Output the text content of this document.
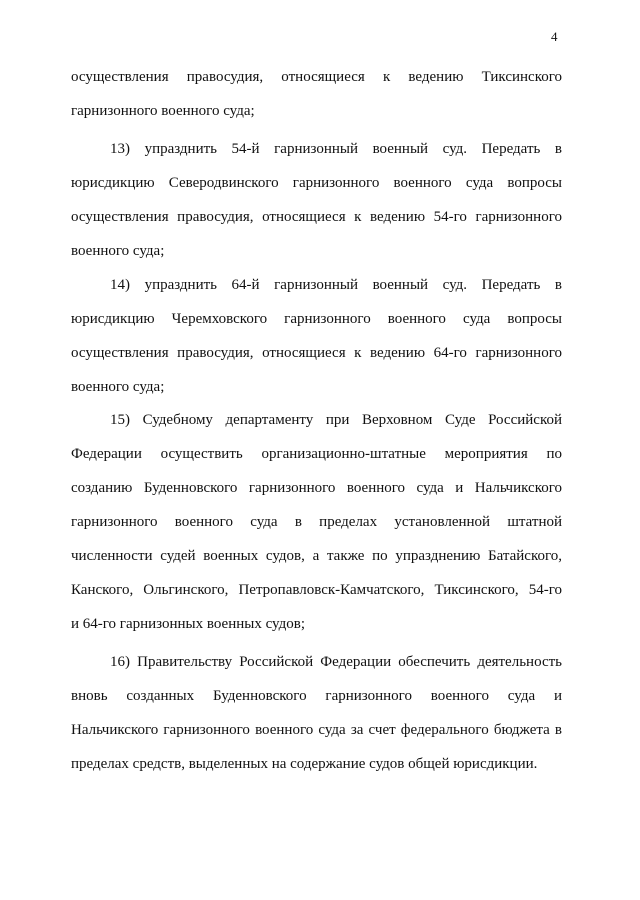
4
осуществления правосудия, относящиеся к ведению Тиксинского
гарнизонного военного суда;
13) упразднить 54-й гарнизонный военный суд. Передать в
юрисдикцию Северодвинского гарнизонного военного суда вопросы
осуществления правосудия, относящиеся к ведению 54-го гарнизонного
военного суда;
14) упразднить 64-й гарнизонный военный суд. Передать в
юрисдикцию Черемховского гарнизонного военного суда вопросы
осуществления правосудия, относящиеся к ведению 64-го гарнизонного
военного суда;
15) Судебному департаменту при Верховном Суде Российской
Федерации осуществить организационно-штатные мероприятия по
созданию Буденновского гарнизонного военного суда и Нальчикского
гарнизонного военного суда в пределах установленной штатной
численности судей военных судов, а также по упразднению Батайского,
Канского, Ольгинского, Петропавловск-Камчатского, Тиксинского, 54-го
и 64-го гарнизонных военных судов;
16) Правительству Российской Федерации обеспечить деятельность
вновь созданных Буденновского гарнизонного военного суда и
Нальчикского гарнизонного военного суда за счет федерального бюджета в
пределах средств, выделенных на содержание судов общей юрисдикции.
